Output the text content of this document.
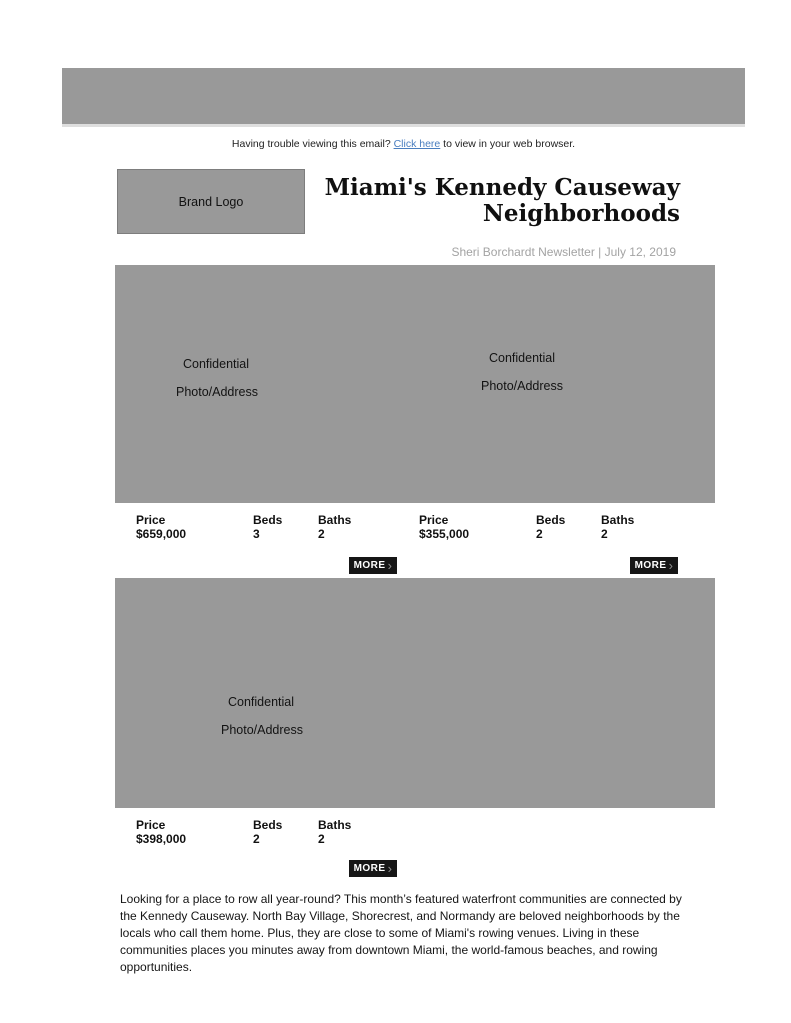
Having trouble viewing this email? Click here to view in your web browser.
Brand Logo
Miami's Kennedy Causeway
Neighborhoods
Sheri Borchardt Newsletter | July 12, 2019
Confidential
Photo/Address
Confidential
Photo/Address
Price
$659,000
Beds
3
Baths
2
Price
$355,000
Beds
2
Baths
2
MORE ›	MORE ›
Confidential
Photo/Address
Price
$398,000
Beds
2
Baths
2
MORE ›

Looking for a place to row all year-round? This month’s featured waterfront communities are connected by the Kennedy Causeway. North Bay Village, Shorecrest, and Normandy are beloved neighborhoods by the locals who call them home. Plus, they are close to some of Miami's rowing venues. Living in these communities places you minutes away from downtown Miami, the world-famous beaches, and rowing opportunities.
